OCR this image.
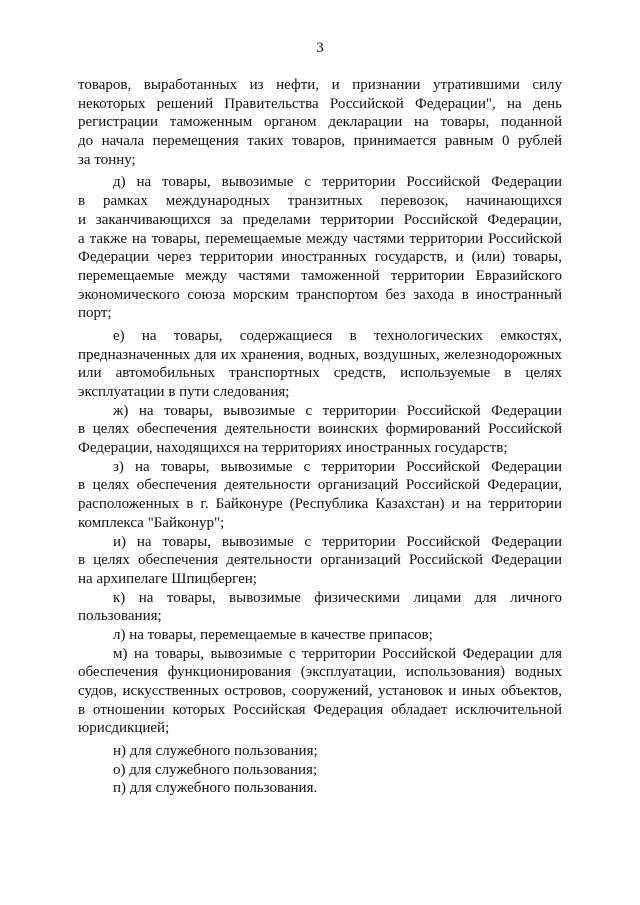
3
товаров, выработанных из нефти, и признании утратившими силу
некоторых решений Правительства Российской Федерации", на день
регистрации таможенным органом декларации на товары, поданной
до начала перемещения таких товаров, принимается равным 0 рублей
за тонну;
д) на товары, вывозимые с территории Российской Федерации
в рамках международных транзитных перевозок, начинающихся
и заканчивающихся за пределами территории Российской Федерации,
а также на товары, перемещаемые между частями территории Российской
Федерации через территории иностранных государств, и (или) товары,
перемещаемые между частями таможенной территории Евразийского
экономического союза морским транспортом без захода в иностранный
порт;
е) на товары, содержащиеся в технологических емкостях,
предназначенных для их хранения, водных, воздушных, железнодорожных
или автомобильных транспортных средств, используемые в целях
эксплуатации в пути следования;
ж) на товары, вывозимые с территории Российской Федерации
в целях обеспечения деятельности воинских формирований Российской
Федерации, находящихся на территориях иностранных государств;
з) на товары, вывозимые с территории Российской Федерации
в целях обеспечения деятельности организаций Российской Федерации,
расположенных в г. Байконуре (Республика Казахстан) и на территории
комплекса "Байконур";
и) на товары, вывозимые с территории Российской Федерации
в целях обеспечения деятельности организаций Российской Федерации
на архипелаге Шпицберген;
к) на товары, вывозимые физическими лицами для личного
пользования;
л) на товары, перемещаемые в качестве припасов;
м) на товары, вывозимые с территории Российской Федерации для
обеспечения функционирования (эксплуатации, использования) водных
судов, искусственных островов, сооружений, установок и иных объектов,
в отношении которых Российская Федерация обладает исключительной
юрисдикцией;
н) для служебного пользования;
о) для служебного пользования;
п) для служебного пользования.
